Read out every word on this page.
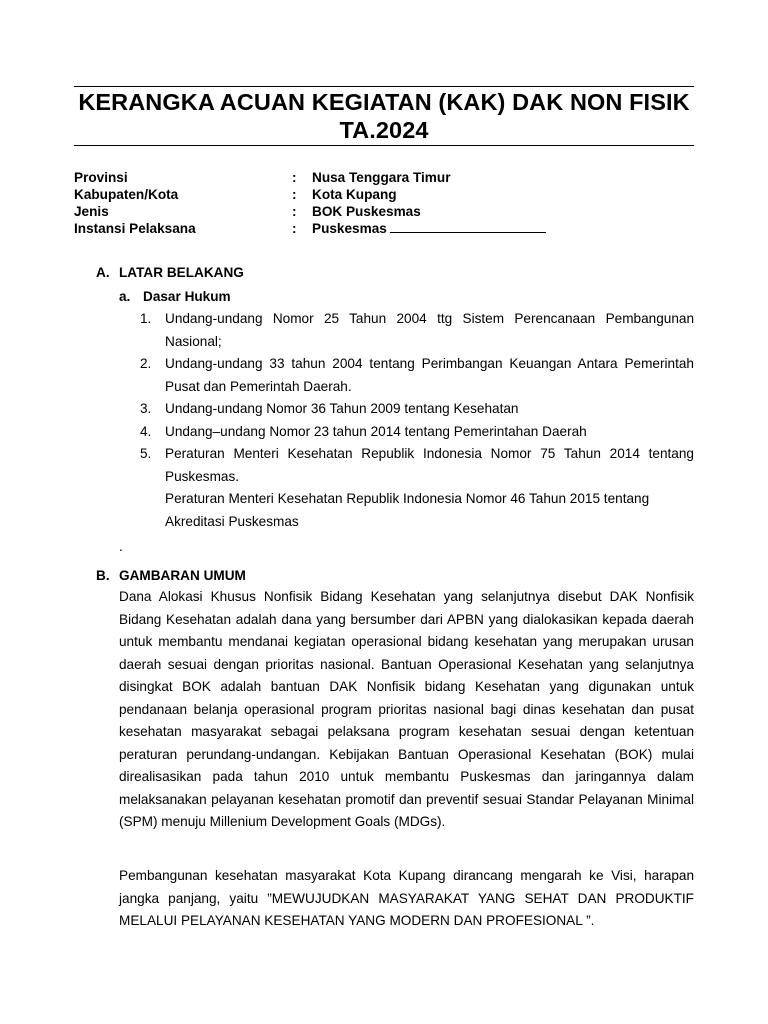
KERANGKA ACUAN KEGIATAN (KAK) DAK NON FISIK TA.2024
Provinsi	: Nusa Tenggara Timur
Kabupaten/Kota	: Kota Kupang
Jenis	: BOK Puskesmas
Instansi Pelaksana	: Puskesmas
A. LATAR BELAKANG
a. Dasar Hukum
1. Undang-undang Nomor 25 Tahun 2004 ttg Sistem Perencanaan Pembangunan Nasional;
2. Undang-undang 33 tahun 2004 tentang Perimbangan Keuangan Antara Pemerintah Pusat dan Pemerintah Daerah.
3. Undang-undang Nomor 36 Tahun 2009 tentang Kesehatan
4. Undang–undang Nomor 23 tahun 2014 tentang Pemerintahan Daerah
5. Peraturan Menteri Kesehatan Republik Indonesia Nomor 75 Tahun 2014 tentang Puskesmas.
Peraturan Menteri Kesehatan Republik Indonesia Nomor 46 Tahun 2015 tentang Akreditasi Puskesmas
.
B. GAMBARAN UMUM
Dana Alokasi Khusus Nonfisik Bidang Kesehatan yang selanjutnya disebut DAK Nonfisik Bidang Kesehatan adalah dana yang bersumber dari APBN yang dialokasikan kepada daerah untuk membantu mendanai kegiatan operasional bidang kesehatan yang merupakan urusan daerah sesuai dengan prioritas nasional. Bantuan Operasional Kesehatan yang selanjutnya disingkat BOK adalah bantuan DAK Nonfisik bidang Kesehatan yang digunakan untuk pendanaan belanja operasional program prioritas nasional bagi dinas kesehatan dan pusat kesehatan masyarakat sebagai pelaksana program kesehatan sesuai dengan ketentuan peraturan perundang-undangan. Kebijakan Bantuan Operasional Kesehatan (BOK) mulai direalisasikan pada tahun 2010 untuk membantu Puskesmas dan jaringannya dalam melaksanakan pelayanan kesehatan promotif dan preventif sesuai Standar Pelayanan Minimal (SPM) menuju Millenium Development Goals (MDGs).
Pembangunan kesehatan masyarakat Kota Kupang dirancang mengarah ke Visi, harapan jangka panjang, yaitu ”MEWUJUDKAN MASYARAKAT YANG SEHAT DAN PRODUKTIF MELALUI PELAYANAN KESEHATAN YANG MODERN DAN PROFESIONAL ”.
